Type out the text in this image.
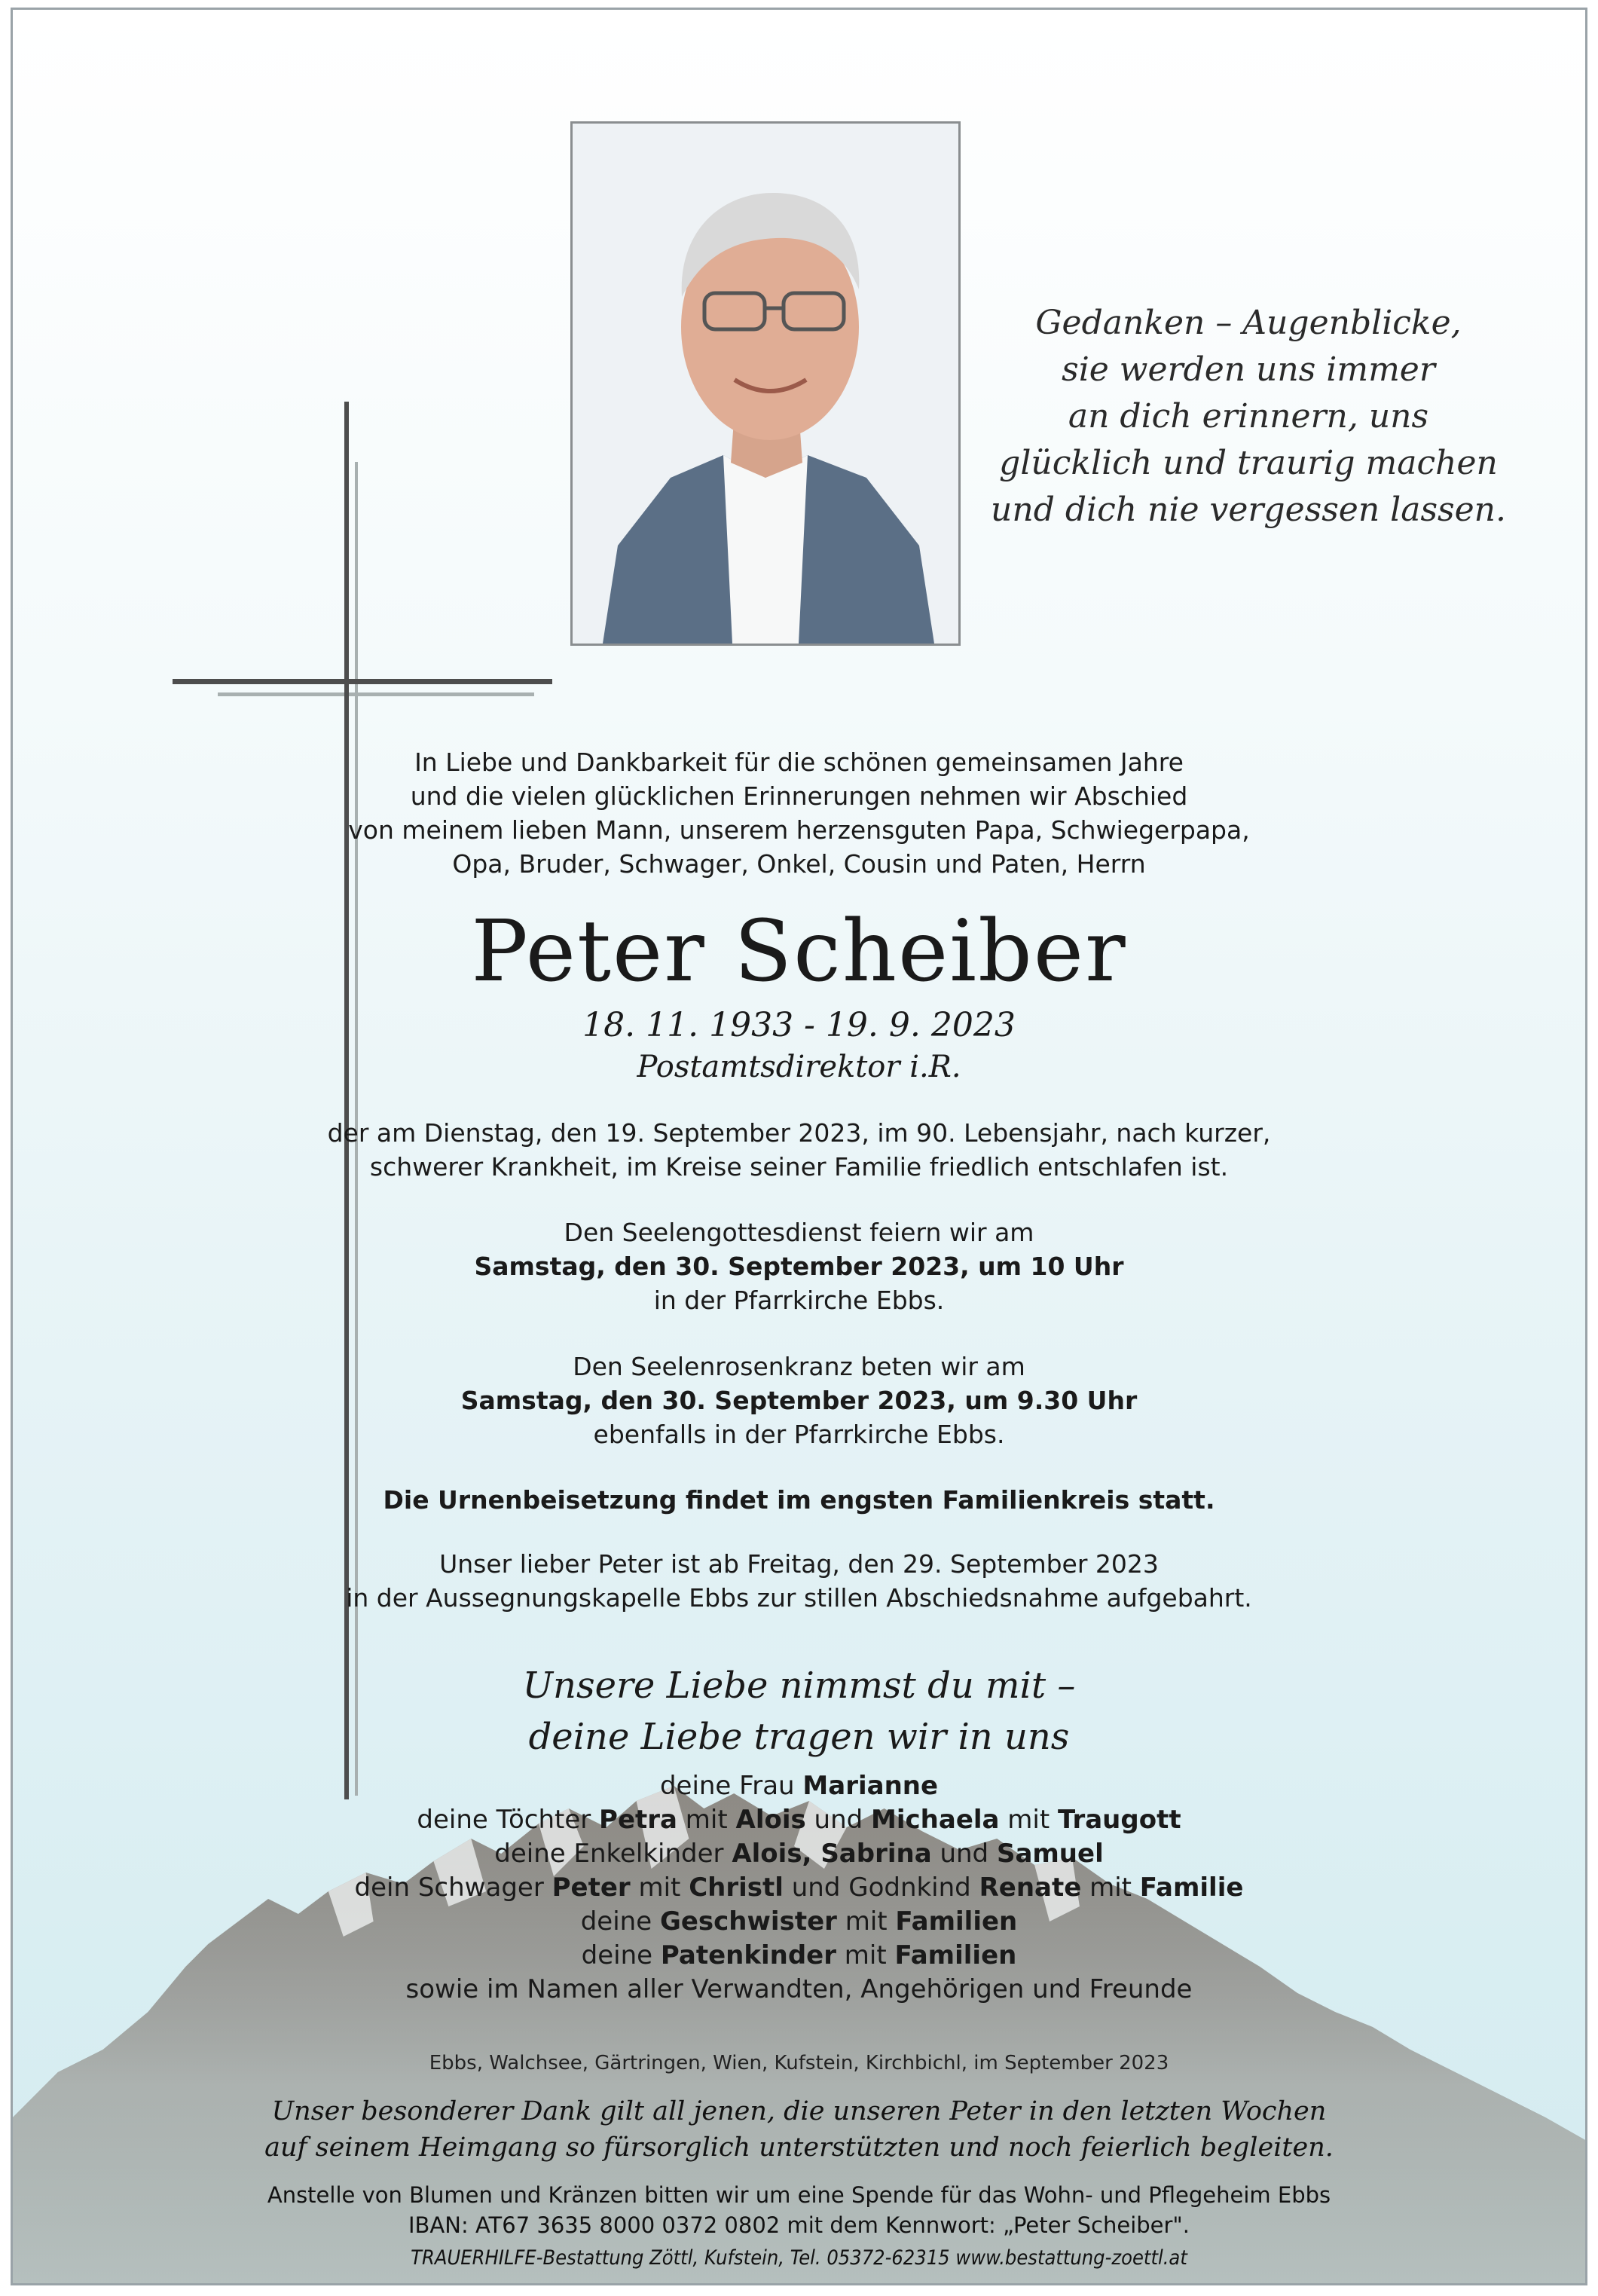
Gedanken – Augenblicke,
sie werden uns immer
an dich erinnern, uns
glücklich und traurig machen
und dich nie vergessen lassen.
In Liebe und Dankbarkeit für die schönen gemeinsamen Jahre
und die vielen glücklichen Erinnerungen nehmen wir Abschied
von meinem lieben Mann, unserem herzensguten Papa, Schwiegerpapa,
Opa, Bruder, Schwager, Onkel, Cousin und Paten, Herrn
Peter Scheiber
18. 11. 1933 - 19. 9. 2023
Postamtsdirektor i.R.
der am Dienstag, den 19. September 2023, im 90. Lebensjahr, nach kurzer,
schwerer Krankheit, im Kreise seiner Familie friedlich entschlafen ist.
Den Seelengottesdienst feiern wir am
Samstag, den 30. September 2023, um 10 Uhr
in der Pfarrkirche Ebbs.
Den Seelenrosenkranz beten wir am
Samstag, den 30. September 2023, um 9.30 Uhr
ebenfalls in der Pfarrkirche Ebbs.
Die Urnenbeisetzung findet im engsten Familienkreis statt.
Unser lieber Peter ist ab Freitag, den 29. September 2023
in der Aussegnungskapelle Ebbs zur stillen Abschiedsnahme aufgebahrt.
Unsere Liebe nimmst du mit –
deine Liebe tragen wir in uns
deine Frau Marianne
deine Töchter Petra mit Alois und Michaela mit Traugott
deine Enkelkinder Alois, Sabrina und Samuel
dein Schwager Peter mit Christl und Godnkind Renate mit Familie
deine Geschwister mit Familien
deine Patenkinder mit Familien
sowie im Namen aller Verwandten, Angehörigen und Freunde
Ebbs, Walchsee, Gärtringen, Wien, Kufstein, Kirchbichl, im September 2023
Unser besonderer Dank gilt all jenen, die unseren Peter in den letzten Wochen
auf seinem Heimgang so fürsorglich unterstützten und noch feierlich begleiten.
Anstelle von Blumen und Kränzen bitten wir um eine Spende für das Wohn- und Pflegeheim Ebbs
IBAN: AT67 3635 8000 0372 0802 mit dem Kennwort: „Peter Scheiber".
TRAUERHILFE-Bestattung Zöttl, Kufstein, Tel. 05372-62315 www.bestattung-zoettl.at
